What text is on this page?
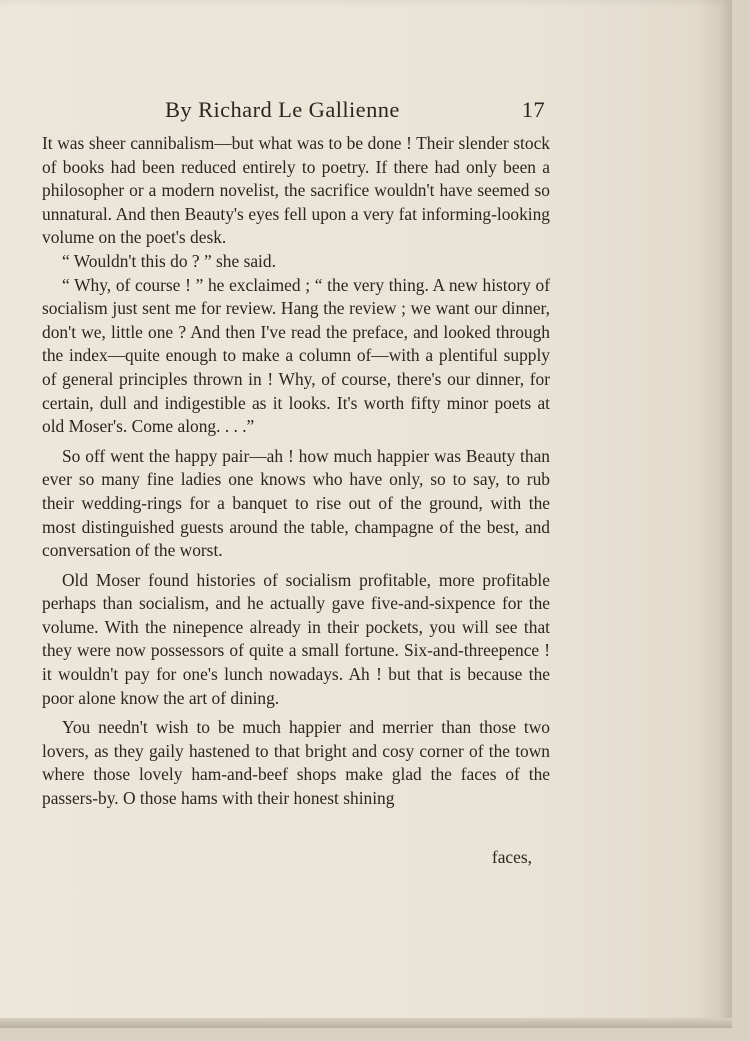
By Richard Le Gallienne	17

It was sheer cannibalism—but what was to be done ! Their slender stock of books had been reduced entirely to poetry. If there had only been a philosopher or a modern novelist, the sacrifice wouldn't have seemed so unnatural. And then Beauty's eyes fell upon a very fat informing-looking volume on the poet's desk.

“ Wouldn't this do ? ” she said.

“ Why, of course ! ” he exclaimed ; “ the very thing. A new history of socialism just sent me for review. Hang the review ; we want our dinner, don't we, little one ? And then I've read the preface, and looked through the index—quite enough to make a column of—with a plentiful supply of general principles thrown in ! Why, of course, there's our dinner, for certain, dull and indigestible as it looks. It's worth fifty minor poets at old Moser's. Come along. . . .”

So off went the happy pair—ah ! how much happier was Beauty than ever so many fine ladies one knows who have only, so to say, to rub their wedding-rings for a banquet to rise out of the ground, with the most distinguished guests around the table, champagne of the best, and conversation of the worst.

Old Moser found histories of socialism profitable, more profitable perhaps than socialism, and he actually gave five-and-sixpence for the volume. With the ninepence already in their pockets, you will see that they were now possessors of quite a small fortune. Six-and-threepence ! it wouldn't pay for one's lunch nowadays. Ah ! but that is because the poor alone know the art of dining.

You needn't wish to be much happier and merrier than those two lovers, as they gaily hastened to that bright and cosy corner of the town where those lovely ham-and-beef shops make glad the faces of the passers-by. O those hams with their honest shining

faces,
